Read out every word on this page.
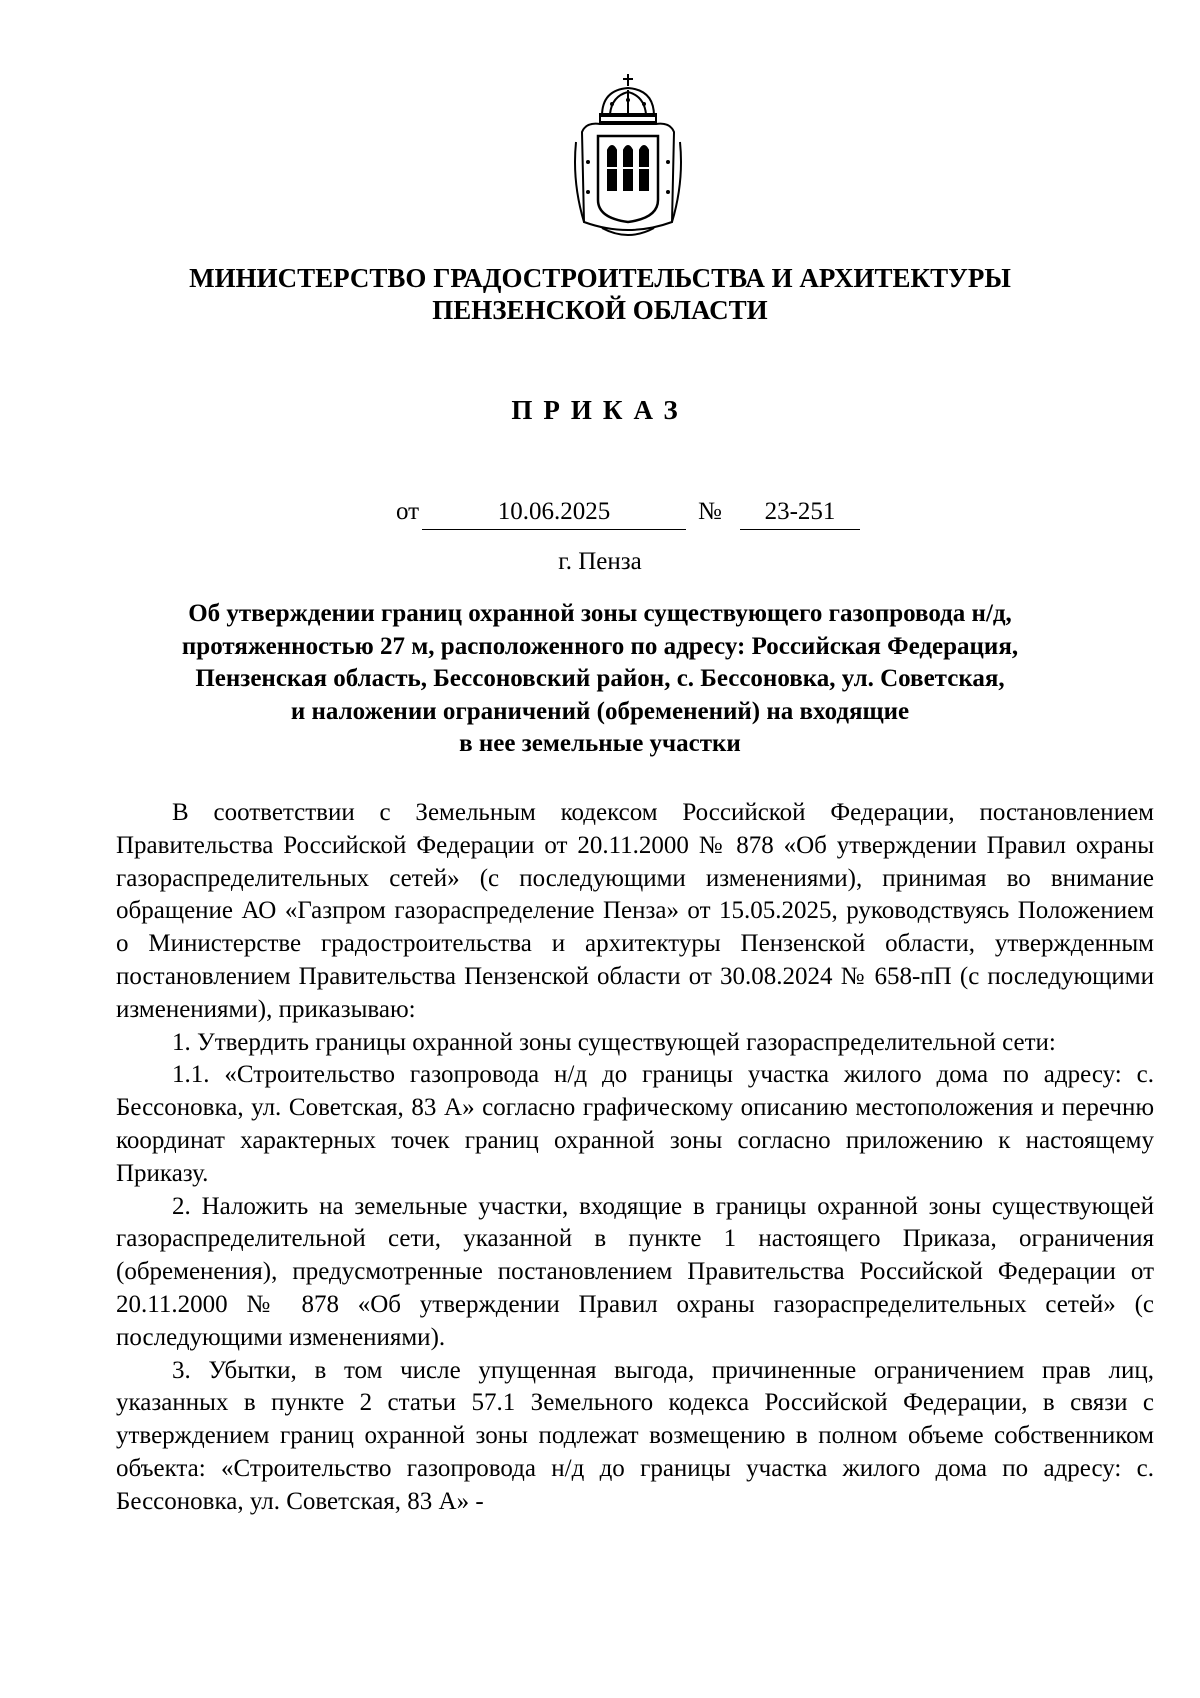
МИНИСТЕРСТВО ГРАДОСТРОИТЕЛЬСТВА И АРХИТЕКТУРЫ
ПЕНЗЕНСКОЙ ОБЛАСТИ
ПРИКАЗ
от	10.06.2025	№	23-251
г. Пенза
Об утверждении границ охранной зоны существующего газопровода н/д,
протяженностью 27 м, расположенного по адресу: Российская Федерация,
Пензенская область, Бессоновский район, с. Бессоновка, ул. Советская,
и наложении ограничений (обременений) на входящие
в нее земельные участки

В соответствии с Земельным кодексом Российской Федерации, постановлением Правительства Российской Федерации от 20.11.2000 № 878 «Об утверждении Правил охраны газораспределительных сетей» (с последующими изменениями), принимая во внимание обращение АО «Газпром газораспределение Пенза» от 15.05.2025, руководствуясь Положением о Министерстве градостроительства и архитектуры Пензенской области, утвержденным постановлением Правительства Пензенской области от 30.08.2024 № 658-пП (с последующими изменениями), приказываю:

1. Утвердить границы охранной зоны существующей газораспределительной сети:

1.1. «Строительство газопровода н/д до границы участка жилого дома по адресу: с. Бессоновка, ул. Советская, 83 А» согласно графическому описанию местоположения и перечню координат характерных точек границ охранной зоны согласно приложению к настоящему Приказу.

2. Наложить на земельные участки, входящие в границы охранной зоны существующей газораспределительной сети, указанной в пункте 1 настоящего Приказа, ограничения (обременения), предусмотренные постановлением Правительства Российской Федерации от 20.11.2000 № 878 «Об утверждении Правил охраны газораспределительных сетей» (с последующими изменениями).

3. Убытки, в том числе упущенная выгода, причиненные ограничением прав лиц, указанных в пункте 2 статьи 57.1 Земельного кодекса Российской Федерации, в связи с утверждением границ охранной зоны подлежат возмещению в полном объеме собственником объекта: «Строительство газопровода н/д до границы участка жилого дома по адресу: с. Бессоновка, ул. Советская, 83 А» -
